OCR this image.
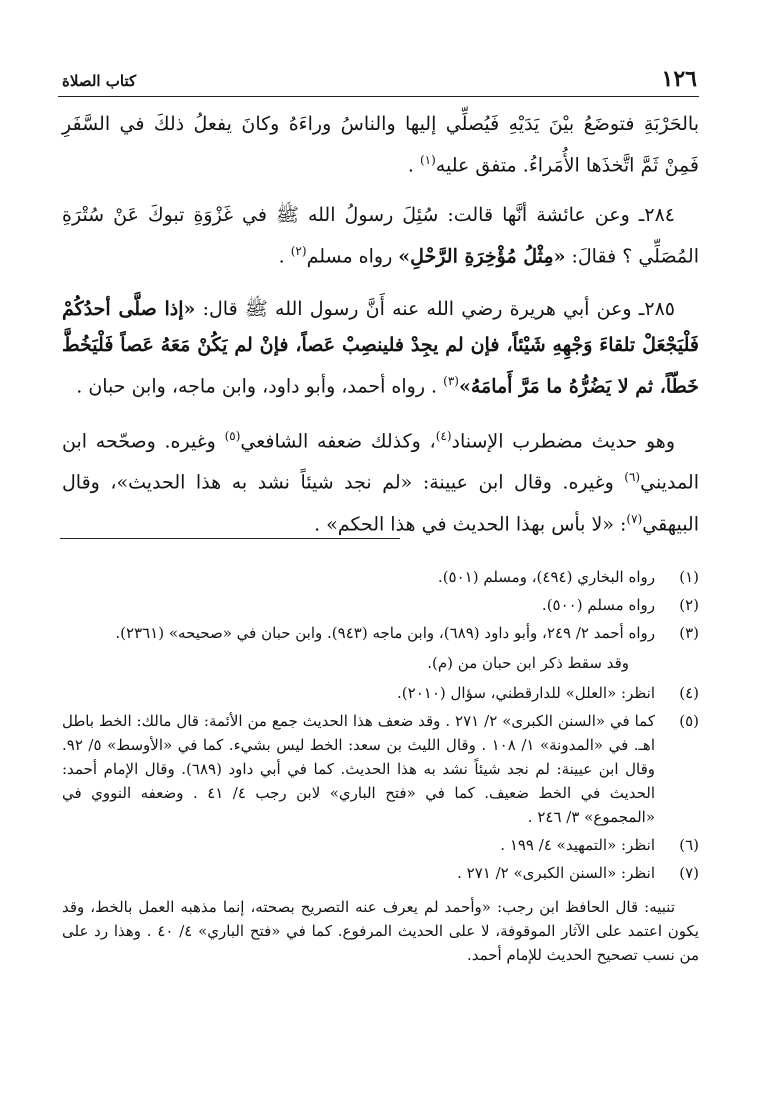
١٢٦
كتاب الصلاة

بالحَرْبَةِ فتوضَعُ بيْنَ يَدَيْهِ فَيُصلِّي إليها والناسُ وراءَهُ وكانَ يفعلُ ذلكَ في السَّفَرِ فَمِنْ ثَمَّ اتَّخذَها الأُمَراءُ. متفق عليه$^{(١)}$ .

٢٨٤ـ وعن عائشة أنَّها قالت: سُئِلَ رسولُ الله ﷺ في غَزْوَةِ تبوكَ عَنْ سُتْرَةِ المُصَلِّي ؟ فقالَ: «مِثْلُ مُؤْخِرَةِ الرَّحْلِ» رواه مسلم$^{(٢)}$ .

٢٨٥ـ وعن أبي هريرة رضي الله عنه أَنَّ رسول الله ﷺ قال: «إذا صلَّى أحدُكُمْ فَلْيَجْعَلْ تلقاءَ وَجْهِهِ شَيْئاً، فإن لم يجِدْ فلينصِبْ عَصاً، فإنْ لم يَكُنْ مَعَهُ عَصاً فَلْيَخُطَّ خَطّاً، ثم لا يَضُرُّهُ ما مَرَّ أَمامَهُ»$^{(٣)}$ . رواه أحمد، وأبو داود، وابن ماجه، وابن حبان .

وهو حديث مضطرب الإسناد$^{(٤)}$، وكذلك ضعفه الشافعي$^{(٥)}$ وغيره. وصحّحه ابن المديني$^{(٦)}$ وغيره. وقال ابن عيينة: «لم نجد شيئاً نشد به هذا الحديث»، وقال البيهقي$^{(٧)}$: «لا بأس بهذا الحديث في هذا الحكم» .

(١)
رواه البخاري (٤٩٤)، ومسلم (٥٠١).
(٢)
رواه مسلم (٥٠٠).
(٣)
رواه أحمد ٢/ ٢٤٩، وأبو داود (٦٨٩)، وابن ماجه (٩٤٣). وابن حبان في «صحيحه» (٢٣٦١).
وقد سقط ذكر ابن حبان من (م).
(٤)
انظر: «العلل» للدارقطني، سؤال (٢٠١٠).
(٥)
كما في «السنن الكبرى» ٢/ ٢٧١ . وقد ضعف هذا الحديث جمع من الأئمة: قال مالك: الخط باطل اهـ. في «المدونة» ١/ ١٠٨ . وقال الليث بن سعد: الخط ليس بشيء. كما في «الأوسط» ٥/ ٩٢. وقال ابن عيينة: لم نجد شيئاً نشد به هذا الحديث. كما في أبي داود (٦٨٩). وقال الإمام أحمد: الحديث في الخط ضعيف. كما في «فتح الباري» لابن رجب ٤/ ٤١ . وضعفه النووي في «المجموع» ٣/ ٢٤٦ .
(٦)
انظر: «التمهيد» ٤/ ١٩٩ .
(٧)
انظر: «السنن الكبرى» ٢/ ٢٧١ .
تنبيه: قال الحافظ ابن رجب: «وأحمد لم يعرف عنه التصريح بصحته، إنما مذهبه العمل بالخط، وقد يكون اعتمد على الآثار الموقوفة، لا على الحديث المرفوع. كما في «فتح الباري» ٤/ ٤٠ . وهذا رد على من نسب تصحيح الحديث للإمام أحمد.
